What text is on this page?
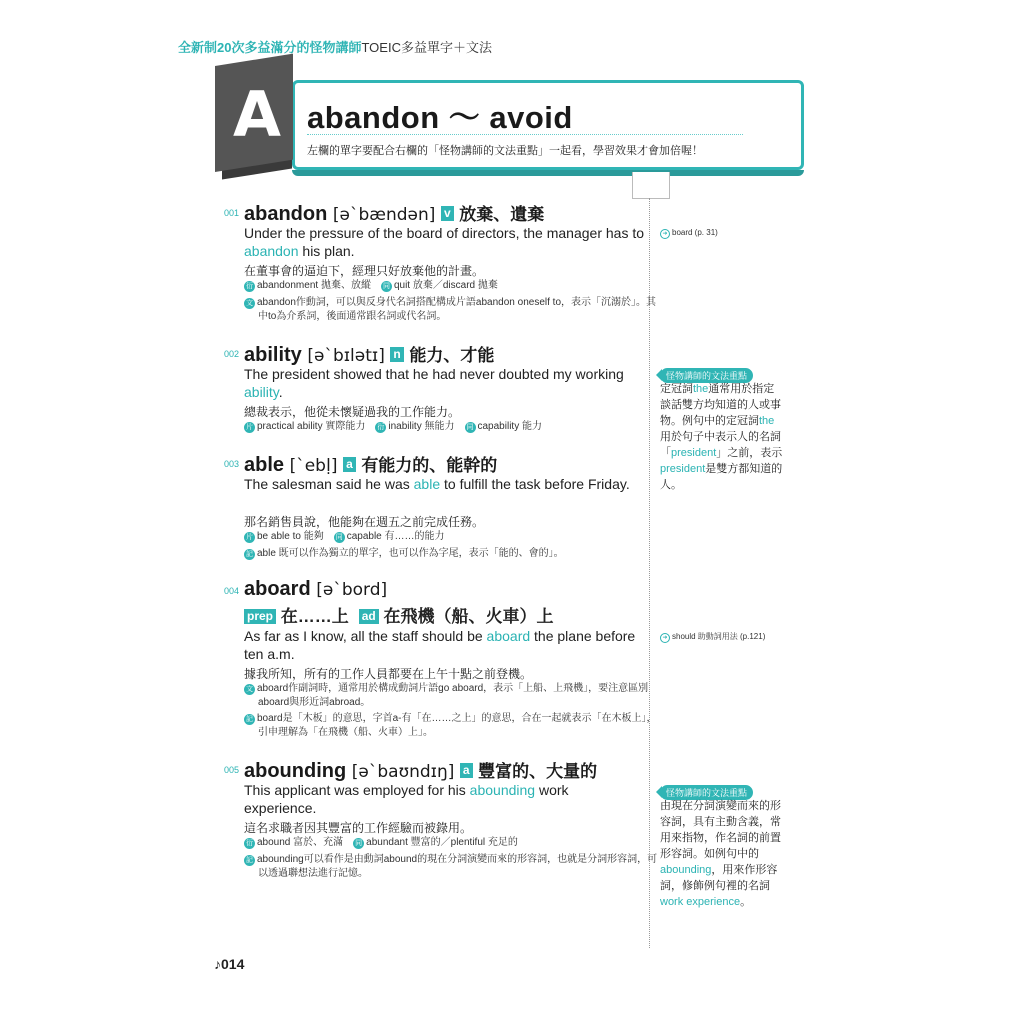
全新制20次多益滿分的怪物講師TOEIC多益單字＋文法
A abandon ～ avoid
左欄的單字要配合右欄的「怪物講師的文法重點」一起看，學習效果才會加倍喔！
001 abandon [əˋbændən] v 放棄、遺棄
Under the pressure of the board of directors, the manager has to abandon his plan.
在董事會的逼迫下，經理只好放棄他的計畫。
衍 abandonment 拋棄、放縱 同 quit 放棄／discard 拋棄
文 abandon作動詞，可以與反身代名詞搭配構成片語abandon oneself to，表示「沉溺於」。其中to為介系詞，後面通常跟名詞或代名詞。
002 ability [əˋbɪlətɪ] n 能力、才能
The president showed that he had never doubted my working ability.
總裁表示，他從未懷疑過我的工作能力。
片 practical ability 實際能力 衍 inability 無能力 同 capability 能力
003 able [ˋebḷ] a 有能力的、能幹的
The salesman said he was able to fulfill the task before Friday.
那名銷售員說，他能夠在週五之前完成任務。
片 be able to 能夠 同 capable 有……的能力
記 able 既可以作為獨立的單字，也可以作為字尾，表示「能的、會的」。
004 aboard [əˋbord]
prep 在……上 ad 在飛機（船、火車）上
As far as I know, all the staff should be aboard the plane before ten a.m.
據我所知，所有的工作人員都要在上午十點之前登機。
文 aboard作副詞時，通常用於構成動詞片語go aboard，表示「上船、上飛機」，要注意區別aboard與形近詞abroad。
記 board是「木板」的意思，字首a-有「在……之上」的意思，合在一起就表示「在木板上」，引申理解為「在飛機（船、火車）上」。
005 abounding [əˋbaʊndɪŋ] a 豐富的、大量的
This applicant was employed for his abounding work experience.
這名求職者因其豐富的工作經驗而被錄用。
衍 abound 富於、充滿 同 abundant 豐富的／plentiful 充足的
記 abounding可以看作是由動詞abound的現在分詞演變而來的形容詞，也就是分詞形容詞，可以透過聯想法進行記憶。
➜ board (p. 31)
怪物講師的文法重點
定冠詞the通常用於指定談話雙方均知道的人或事物。例句中的定冠詞the用於句子中表示人的名詞「president」之前，表示president是雙方都知道的人。
➜ should 助動詞用法 (p.121)
怪物講師的文法重點
由現在分詞演變而來的形容詞，具有主動含義，常用來指物，作名詞的前置形容詞。如例句中的abounding，用來作形容詞，修飾例句裡的名詞work experience。
♪014
